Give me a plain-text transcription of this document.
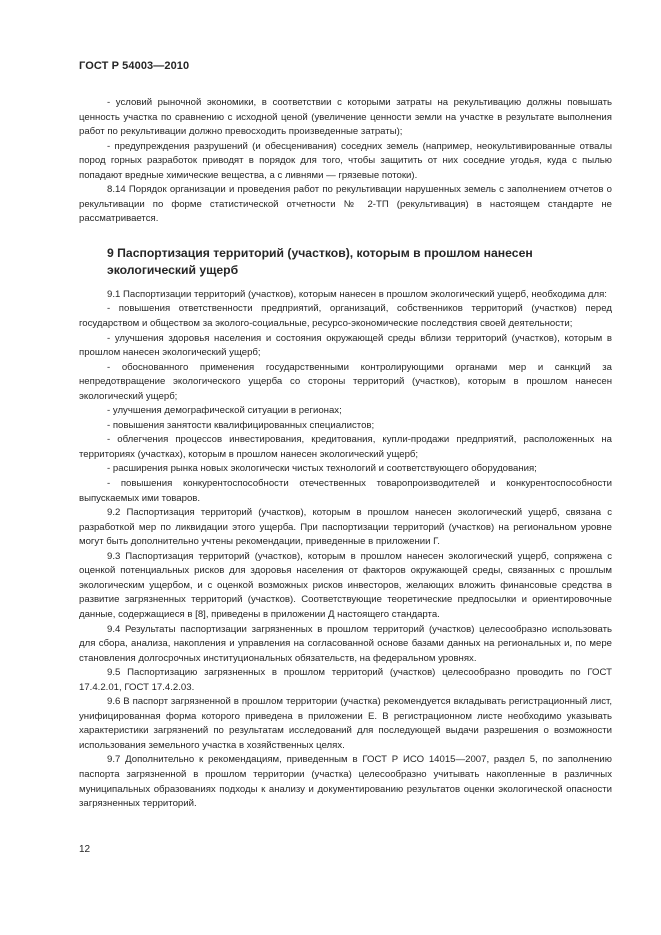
ГОСТ Р 54003—2010

- условий рыночной экономики, в соответствии с которыми затраты на рекультивацию должны повышать ценность участка по сравнению с исходной ценой (увеличение ценности земли на участке в результате выполнения работ по рекультивации должно превосходить произведенные затраты);

- предупреждения разрушений (и обесценивания) соседних земель (например, неокультивированные отвалы пород горных разработок приводят в порядок для того, чтобы защитить от них соседние угодья, куда с пылью попадают вредные химические вещества, а с ливнями — грязевые потоки).

8.14 Порядок организации и проведения работ по рекультивации нарушенных земель с заполнением отчетов о рекультивации по форме статистической отчетности № 2-ТП (рекультивация) в настоящем стандарте не рассматривается.

9 Паспортизация территорий (участков), которым в прошлом нанесен экологический ущерб

9.1 Паспортизации территорий (участков), которым нанесен в прошлом экологический ущерб, необходима для:

- повышения ответственности предприятий, организаций, собственников территорий (участков) перед государством и обществом за эколого-социальные, ресурсо-экономические последствия своей деятельности;

- улучшения здоровья населения и состояния окружающей среды вблизи территорий (участков), которым в прошлом нанесен экологический ущерб;

- обоснованного применения государственными контролирующими органами мер и санкций за непредотвращение экологического ущерба со стороны территорий (участков), которым в прошлом нанесен экологический ущерб;

- улучшения демографической ситуации в регионах;

- повышения занятости квалифицированных специалистов;

- облегчения процессов инвестирования, кредитования, купли-продажи предприятий, расположенных на территориях (участках), которым в прошлом нанесен экологический ущерб;

- расширения рынка новых экологически чистых технологий и соответствующего оборудования;

- повышения конкурентоспособности отечественных товаропроизводителей и конкурентоспособности выпускаемых ими товаров.

9.2 Паспортизация территорий (участков), которым в прошлом нанесен экологический ущерб, связана с разработкой мер по ликвидации этого ущерба. При паспортизации территорий (участков) на региональном уровне могут быть дополнительно учтены рекомендации, приведенные в приложении Г.

9.3 Паспортизация территорий (участков), которым в прошлом нанесен экологический ущерб, сопряжена с оценкой потенциальных рисков для здоровья населения от факторов окружающей среды, связанных с прошлым экологическим ущербом, и с оценкой возможных рисков инвесторов, желающих вложить финансовые средства в развитие загрязненных территорий (участков). Соответствующие теоретические предпосылки и ориентировочные данные, содержащиеся в [8], приведены в приложении Д настоящего стандарта.

9.4 Результаты паспортизации загрязненных в прошлом территорий (участков) целесообразно использовать для сбора, анализа, накопления и управления на согласованной основе базами данных на региональных и, по мере становления долгосрочных институциональных обязательств, на федеральном уровнях.

9.5 Паспортизацию загрязненных в прошлом территорий (участков) целесообразно проводить по ГОСТ 17.4.2.01, ГОСТ 17.4.2.03.

9.6 В паспорт загрязненной в прошлом территории (участка) рекомендуется вкладывать регистрационный лист, унифицированная форма которого приведена в приложении Е. В регистрационном листе необходимо указывать характеристики загрязнений по результатам исследований для последующей выдачи разрешения о возможности использования земельного участка в хозяйственных целях.

9.7 Дополнительно к рекомендациям, приведенным в ГОСТ Р ИСО 14015—2007, раздел 5, по заполнению паспорта загрязненной в прошлом территории (участка) целесообразно учитывать накопленные в различных муниципальных образованиях подходы к анализу и документированию результатов оценки экологической опасности загрязненных территорий.

12
